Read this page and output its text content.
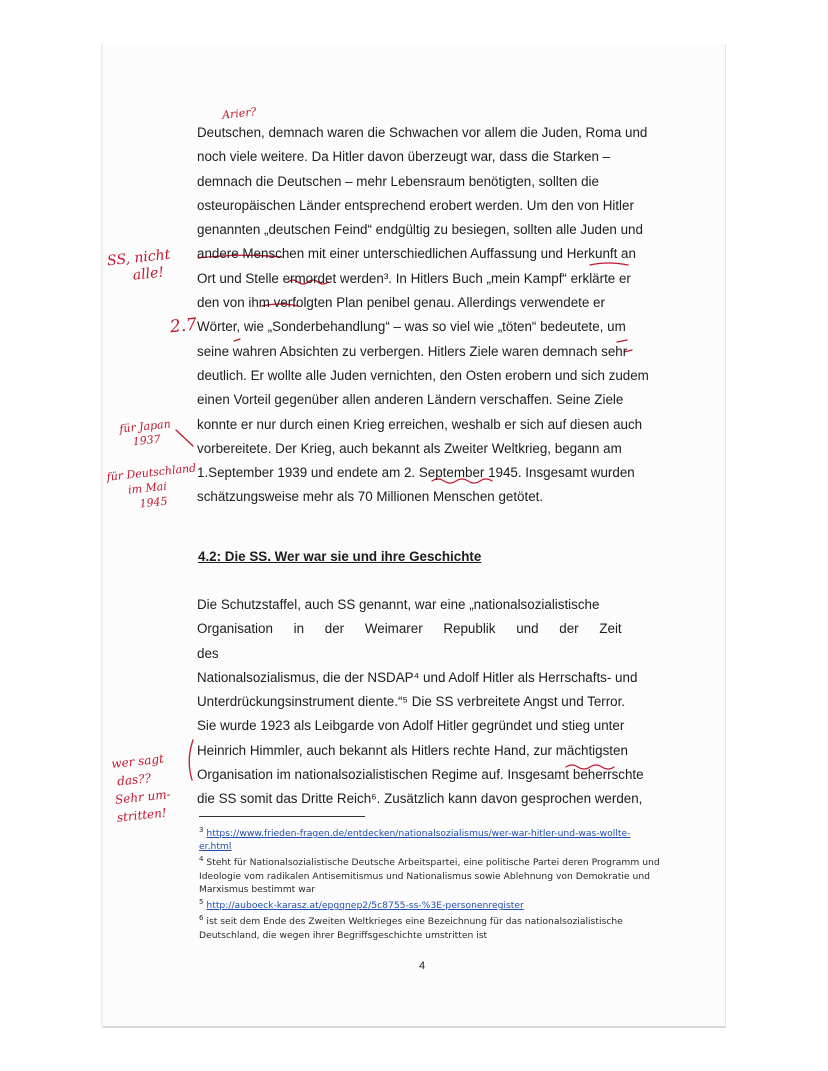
Arier?
SS, nicht
alle!
2.7
für Japan
1937
für Deutschland
im Mai
1945
wer sagt
das??
Sehr um-
stritten!

Deutschen, demnach waren die Schwachen vor allem die Juden, Roma und

noch viele weitere. Da Hitler davon überzeugt war, dass die Starken –

demnach die Deutschen – mehr Lebensraum benötigten, sollten die

osteuropäischen Länder entsprechend erobert werden. Um den von Hitler

genannten „deutschen Feind“ endgültig zu besiegen, sollten alle Juden und

andere Menschen mit einer unterschiedlichen Auffassung und Herkunft an

Ort und Stelle ermordet werden³. In Hitlers Buch „mein Kampf“ erklärte er

den von ihm verfolgten Plan penibel genau. Allerdings verwendete er

Wörter, wie „Sonderbehandlung“ – was so viel wie „töten“ bedeutete, um

seine wahren Absichten zu verbergen. Hitlers Ziele waren demnach sehr

deutlich. Er wollte alle Juden vernichten, den Osten erobern und sich zudem

einen Vorteil gegenüber allen anderen Ländern verschaffen. Seine Ziele

konnte er nur durch einen Krieg erreichen, weshalb er sich auf diesen auch

vorbereitete. Der Krieg, auch bekannt als Zweiter Weltkrieg, begann am

1.September 1939 und endete am 2. September 1945. Insgesamt wurden

schätzungsweise mehr als 70 Millionen Menschen getötet.

4.2: Die SS. Wer war sie und ihre Geschichte

Die Schutzstaffel, auch SS genannt, war eine „nationalsozialistische

Organisation in der Weimarer Republik und der Zeit des

Nationalsozialismus, die der NSDAP⁴ und Adolf Hitler als Herrschafts- und

Unterdrückungsinstrument diente.“⁵ Die SS verbreitete Angst und Terror.

Sie wurde 1923 als Leibgarde von Adolf Hitler gegründet und stieg unter

Heinrich Himmler, auch bekannt als Hitlers rechte Hand, zur mächtigsten

Organisation im nationalsozialistischen Regime auf. Insgesamt beherrschte

die SS somit das Dritte Reich⁶. Zusätzlich kann davon gesprochen werden,

$^3$ https://www.frieden-fragen.de/entdecken/nationalsozialismus/wer-war-hitler-und-was-wollte-
er.html

$^4$ Steht für Nationalsozialistische Deutsche Arbeitspartei, eine politische Partei deren Programm und Ideologie vom radikalen Antisemitismus und Nationalismus sowie Ablehnung von Demokratie und Marxismus bestimmt war

$^5$ http://auboeck-karasz.at/epgqnep2/5c8755-ss-%3E-personenregister

$^6$ ist seit dem Ende des Zweiten Weltkrieges eine Bezeichnung für das nationalsozialistische Deutschland, die wegen ihrer Begriffsgeschichte umstritten ist

4
